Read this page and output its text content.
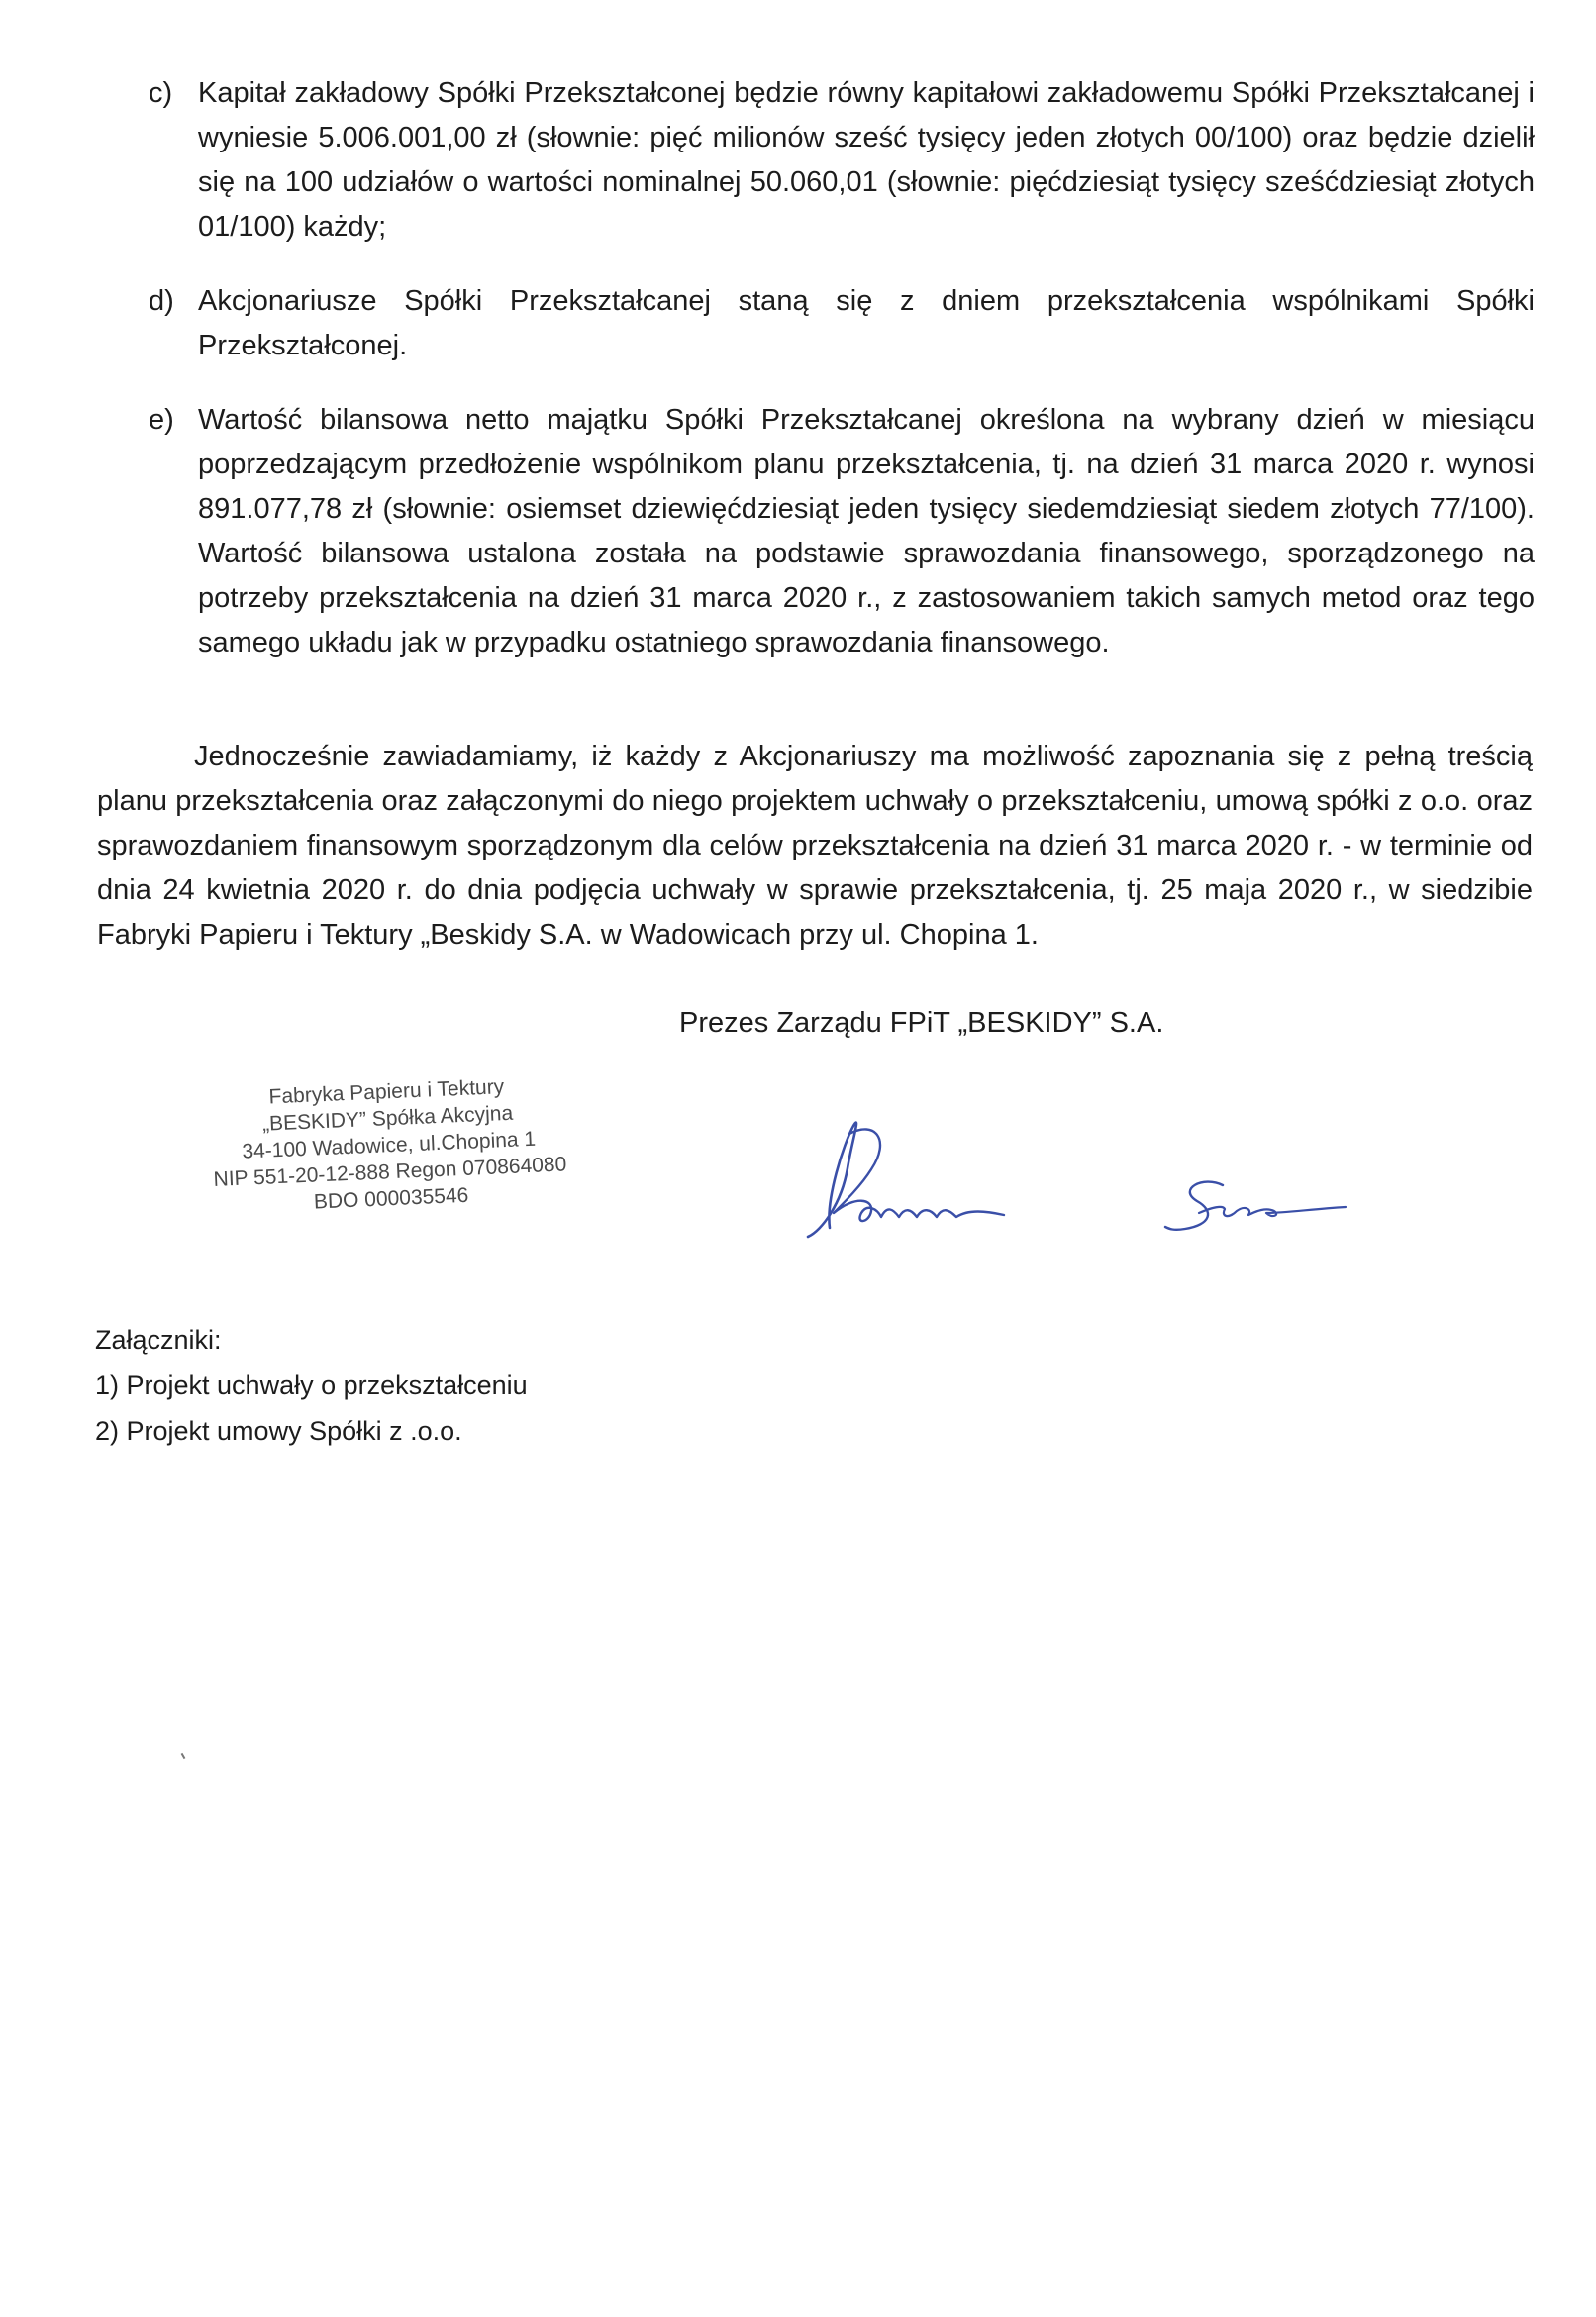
c) Kapitał zakładowy Spółki Przekształconej będzie równy kapitałowi zakładowemu Spółki Przekształcanej i wyniesie 5.006.001,00 zł (słownie: pięć milionów sześć tysięcy jeden złotych 00/100) oraz będzie dzielił się na 100 udziałów o wartości nominalnej 50.060,01 (słownie: pięćdziesiąt tysięcy sześćdziesiąt złotych 01/100) każdy;
d) Akcjonariusze Spółki Przekształcanej staną się z dniem przekształcenia wspólnikami Spółki Przekształconej.
e) Wartość bilansowa netto majątku Spółki Przekształcanej określona na wybrany dzień w miesiącu poprzedzającym przedłożenie wspólnikom planu przekształcenia, tj. na dzień 31 marca 2020 r. wynosi 891.077,78 zł (słownie: osiemset dziewięćdziesiąt jeden tysięcy siedemdziesiąt siedem złotych 77/100). Wartość bilansowa ustalona została na podstawie sprawozdania finansowego, sporządzonego na potrzeby przekształcenia na dzień 31 marca 2020 r., z zastosowaniem takich samych metod oraz tego samego układu jak w przypadku ostatniego sprawozdania finansowego.
Jednocześnie zawiadamiamy, iż każdy z Akcjonariuszy ma możliwość zapoznania się z pełną treścią planu przekształcenia oraz załączonymi do niego projektem uchwały o przekształceniu, umową spółki z o.o. oraz sprawozdaniem finansowym sporządzonym dla celów przekształcenia na dzień 31 marca 2020 r. - w terminie od dnia 24 kwietnia 2020 r. do dnia podjęcia uchwały w sprawie przekształcenia, tj. 25 maja 2020 r., w siedzibie Fabryki Papieru i Tektury „Beskidy S.A. w Wadowicach przy ul. Chopina 1.
Prezes Zarządu FPiT „BESKIDY” S.A.
Fabryka Papieru i Tektury
„BESKIDY” Spółka Akcyjna
34-100 Wadowice, ul.Chopina 1
NIP 551-20-12-888 Regon 070864080
BDO 000035546
Załączniki:
1) Projekt uchwały o przekształceniu
2) Projekt umowy Spółki z .o.o.
